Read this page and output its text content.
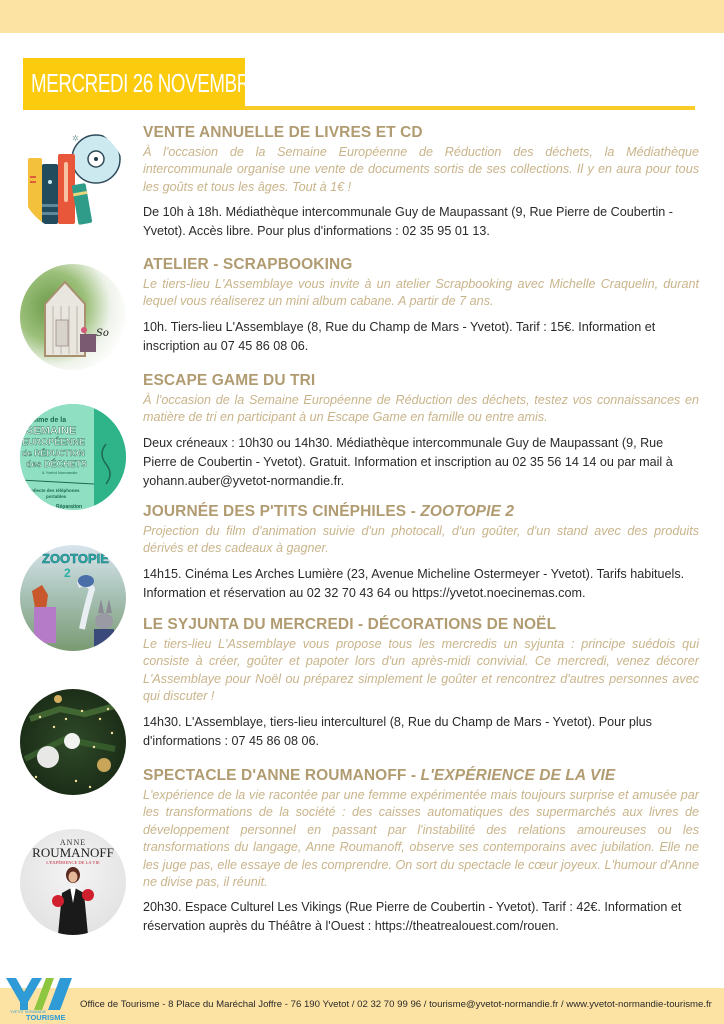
MERCREDI 26 NOVEMBRE
✲	VENTE ANNUELLE DE LIVRES ET CD
À l'occasion de la Semaine Européenne de Réduction des déchets, la Médiathèque intercommunale organise une vente de documents sortis de ses collections. Il y en aura pour tous les goûts et tous les âges. Tout à 1€ !
De 10h à 18h. Médiathèque intercommunale Guy de Maupassant (9, Rue Pierre de Coubertin - Yvetot). Accès libre. Pour plus d'informations : 02 35 95 01 13.
So
ATELIER - SCRAPBOOKING
Le tiers-lieu L'Assemblaye vous invite à un atelier Scrapbooking avec Michelle Craquelin, durant lequel vous réaliserez un mini album cabane. A partir de 7 ans.
10h. Tiers-lieu L'Assemblaye (8, Rue du Champ de Mars - Yvetot). Tarif : 15€. Information et inscription au 07 45 86 08 06.
amme de la
SEMAINE
EUROPÉENNE
de RÉDUCTION
des DÉCHETS
& Yvetot Normandie
Collecte des téléphones
portables
Réparation
ESCAPE GAME DU TRI
À l'occasion de la Semaine Européenne de Réduction des déchets, testez vos connaissances en matière de tri en participant à un Escape Game en famille ou entre amis.
Deux créneaux : 10h30 ou 14h30. Médiathèque intercommunale Guy de Maupassant (9, Rue Pierre de Coubertin - Yvetot). Gratuit. Information et inscription au 02 35 56 14 14 ou par mail à yohann.auber@yvetot-normandie.fr.
ZOOTOPIE
2
JOURNÉE DES P'TITS CINÉPHILES - ZOOTOPIE 2
Projection du film d'animation suivie d'un photocall, d'un goûter, d'un stand avec des produits dérivés et des cadeaux à gagner.
14h15. Cinéma Les Arches Lumière (23, Avenue Micheline Ostermeyer - Yvetot). Tarifs habituels. Information et réservation au 02 32 70 43 64 ou https://yvetot.noecinemas.com.
LE SYJUNTA DU MERCREDI - DÉCORATIONS DE NOËL
Le tiers-lieu L'Assemblaye vous propose tous les mercredis un syjunta : principe suédois qui consiste à créer, goûter et papoter lors d'un après-midi convivial. Ce mercredi, venez décorer L'Assemblaye pour Noël ou préparez simplement le goûter et rencontrez d'autres personnes avec qui discuter !
14h30. L'Assemblaye, tiers-lieu interculturel (8, Rue du Champ de Mars - Yvetot). Pour plus d'informations : 07 45 86 08 06.
ANNE
ROUMANOFF
L'EXPÉRIENCE DE LA VIE
SPECTACLE D'ANNE ROUMANOFF - L'EXPÉRIENCE DE LA VIE
L'expérience de la vie racontée par une femme expérimentée mais toujours surprise et amusée par les transformations de la société : des caisses automatiques des supermarchés aux livres de développement personnel en passant par l'instabilité des relations amoureuses ou les transformations du langage, Anne Roumanoff, observe ses contemporains avec jubilation. Elle ne les juge pas, elle essaye de les comprendre. On sort du spectacle le cœur joyeux. L'humour d'Anne ne divise pas, il réunit.
20h30. Espace Culturel Les Vikings (Rue Pierre de Coubertin - Yvetot). Tarif : 42€. Information et réservation auprès du Théâtre à l'Ouest : https://theatrealouest.com/rouen.
YVETOT NORMANDIE
TOURISME
Office de Tourisme - 8 Place du Maréchal Joffre - 76 190 Yvetot / 02 32 70 99 96 / tourisme@yvetot-normandie.fr / www.yvetot-normandie-tourisme.fr
